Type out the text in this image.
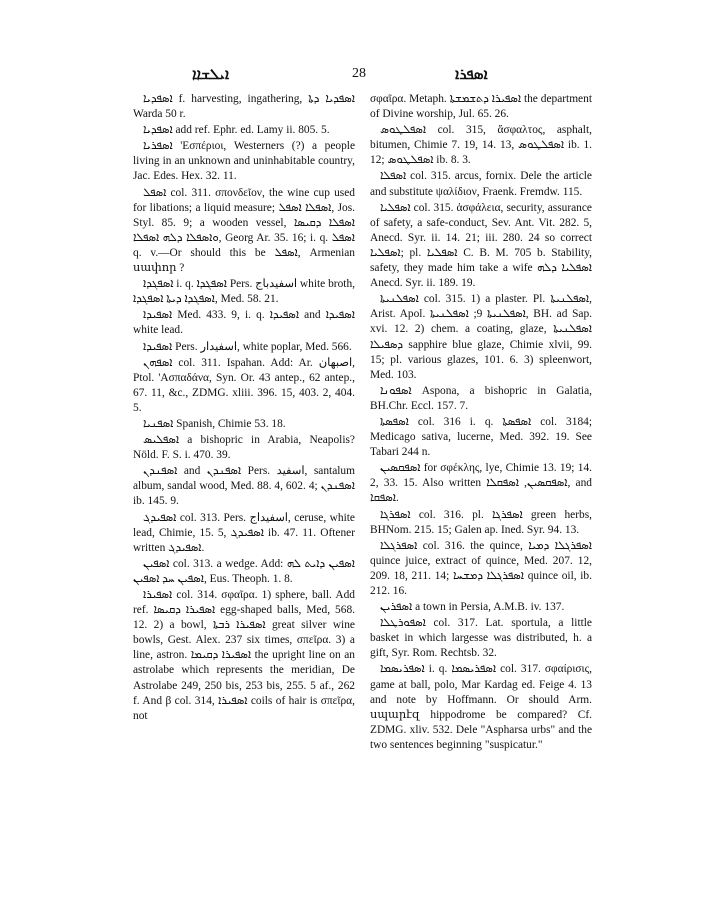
ܐܝܠܫܐܐ	28	ܐܣܦܪܐ

ܐܣܦܕܝܐ f. harvesting, ingathering, ܐܣܦܕܝܐ ܕܬܐ Warda 50 r.

ܐܣܦܕܝܐ add ref. Ephr. ed. Lamy ii. 805. 5.

ܐܣܦܪܝܐ 'Εσπέριοι, Westerners (?) a people living in an unknown and uninhabitable country, Jac. Edes. Hex. 32. 11.

ܐܣܦܠ col. 311. σπονδεῖον, the wine cup used for libations; a liquid measure; ܐܣܦܠܐ ܐܣܦܠ, Jos. Styl. 85. 9; a wooden vessel, ܐܣܦܠܐ ܕܩܝܣܐ ܘܐܣܦܠܐ ܕܠܗ ܐܣܦܠܐ, Georg Ar. 35. 16; i. q. ܐܣܦܠ q. v.—Or should this be ܐܣܦܠ, Armenian սափոր ?

ܐܣܦܓܕܐ i. q. ܐܣܦܓܕܐ Pers. اسفیدباج white broth, ܐܣܦܓܕܐ ܕܝܬܐ ܐܣܦܓܕܐ, Med. 58. 21.

ܐܣܦܝܕܐ Med. 433. 9, i. q. ܐܣܦܝܕܐ and ܐܣܦܝܕܐ white lead.

ܐܣܦܝܕܐ Pers. اسفیدار, white poplar, Med. 566.

ܐܣܦܗܢ col. 311. Ispahan. Add: Ar. اصبهان, Ptol. 'Ασπαδάνα, Syn. Or. 43 antep., 62 antep., 67. 11, &c., ZDMG. xliii. 396. 15, 403. 2, 404. 5.

ܐܣܦܢܝܐ Spanish, Chimie 53. 18.

ܐܣܦܠܝܣ a bishopric in Arabia, Neapolis? Nöld. F. S. i. 470. 39.

ܐܣܦܢܕܢ and ܐܣܦܢܕܢ Pers. اسفید, santalum album, sandal wood, Med. 88. 4, 602. 4; ܐܣܦܢܕܢ ib. 145. 9.

ܐܣܦܝܕܓ col. 313. Pers. اسفیداج, ceruse, white lead, Chimie, 15. 5, ܐܣܦܝܕܓ ib. 47. 11. Oftener written ܐܣܦܝܕܓ.

ܐܣܦܝܢ col. 313. a wedge. Add: ܐܣܦܝܢ ܕܐܝܬ ܠܗ ܐܣܦܝܢ ܚܕ ܐܣܦܝܢ, Eus. Theoph. 1. 8.

ܐܣܦܝܪܐ col. 314. σφαῖρα. 1) sphere, ball. Add ref. ܐܣܦܝܪܐ ܕܩܝܣܐ egg-shaped balls, Med, 568. 12. 2) a bowl, ܐܣܦܝܪܐ ܪܒܬܐ great silver wine bowls, Gest. Alex. 237 six times, σπεῖρα. 3) a line, astron. ܐܣܦܝܪܐ ܕܩܝܡܐ the upright line on an astrolabe which represents the meridian, De Astrolabe 249, 250 bis, 253 bis, 255. 5 af., 262 f. And β col. 314, ܐܣܦܝܪܐ coils of hair is σπεῖρα, not

σφαῖρα. Metaph. ܐܣܦܝܪܐ ܕܬܫܡܫܬܐ the department of Divine worship, Jul. 65. 26.

ܐܣܦܠܛܘܣ col. 315, ἄσφαλτος, asphalt, bitumen, Chimie 7. 19, 14. 13, ܐܣܦܠܛܘܣ ib. 1. 12; ܐܣܦܠܛܘܣ ib. 8. 3.

ܐܣܦܠܐ col. 315. arcus, fornix. Dele the article and substitute ψαλίδιον, Fraenk. Fremdw. 115.

ܐܣܦܠܝܐ col. 315. ἀσφάλεια, security, assurance of safety, a safe-conduct, Sev. Ant. Vit. 282. 5, Anecd. Syr. ii. 14. 21; iii. 280. 24 so correct ܐܣܦܠܝܐ; pl. ܐܣܦܠܝܐ C. B. M. 705 b. Stability, safety, they made him take a wife ܐܣܦܠܝܐ ܕܠܗ Anecd. Syr. ii. 189. 19.

ܐܣܦܠܢܝܬܐ col. 315. 1) a plaster. Pl. ܐܣܦܠܢܝܬܐ, Arist. Apol. ܐܣܦܠܢܝܬܐ 9; ܐܣܦܠܢܝܬܐ, BH. ad Sap. xvi. 12. 2) chem. a coating, glaze, ܐܣܦܠܢܝܬܐ ܕܣܦܝܠܐ sapphire blue glaze, Chimie xlvii, 99. 15; pl. various glazes, 101. 6. 3) spleenwort, Med. 103.

ܐܣܦܘܢܐ Aspona, a bishopric in Galatia, BH.Chr. Eccl. 157. 7.

ܐܣܦܣܬܐ col. 316 i. q. ܐܣܦܣܬܐ col. 3184; Medicago sativa, lucerne, Med. 392. 19. See Tabari 244 n.

ܐܣܦܩܣܝܢ for σφέκλης, lye, Chimie 13. 19; 14. 2, 33. 15. Also written ܐܣܦܩܣܝܢ, ܐܣܦܩܠܐ, and ܐܣܦܩܐ.

ܐܣܦܪܓܐ col. 316. pl. ܐܣܦܪܓܐ green herbs, BHNom. 215. 15; Galen ap. Ined. Syr. 94. 13.

ܐܣܦܪܓܠܐ col. 316. the quince, ܐܣܦܪܓܠܐ ܕܡܝܐ quince juice, extract of quince, Med. 207. 12, 209. 18, 211. 14; ܐܣܦܪܓܠܐ ܕܡܫܚܐ quince oil, ib. 212. 16.

ܐܣܦܪܝܢ a town in Persia, A.M.B. iv. 137.

ܐܣܦܘܪܛܠܐ col. 317. Lat. sportula, a little basket in which largesse was distributed, h. a gift, Syr. Rom. Rechtsb. 32.

ܐܣܦܪܝܣܡܐ i. q. ܐܣܦܪܝܣܡܐ col. 317. σφαίρισις, game at ball, polo, Mar Kardag ed. Feige 4. 13 and note by Hoffmann. Or should Arm. սպարէզ hippodrome be compared? Cf. ZDMG. xliv. 532. Dele "Aspharsa urbs" and the two sentences beginning "suspicatur."
